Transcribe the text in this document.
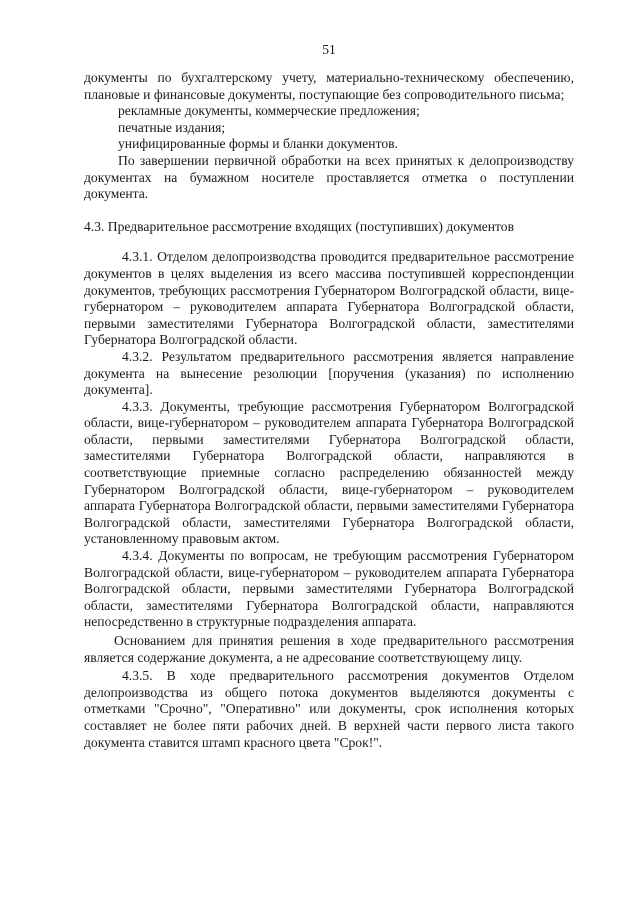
51

документы по бухгалтерскому учету, материально-техническому обеспечению, плановые и финансовые документы, поступающие без сопроводительного письма;

рекламные документы, коммерческие предложения;

печатные издания;

унифицированные формы и бланки документов.

По завершении первичной обработки на всех принятых к делопроизводству документах на бумажном носителе проставляется отметка о поступлении документа.

4.3. Предварительное рассмотрение входящих (поступивших) документов

4.3.1. Отделом делопроизводства проводится предварительное рассмотрение документов в целях выделения из всего массива поступившей корреспонденции документов, требующих рассмотрения Губернатором Волгоградской области, вице-губернатором – руководителем аппарата Губернатора Волгоградской области, первыми заместителями Губернатора Волгоградской области, заместителями Губернатора Волгоградской области.

4.3.2. Результатом предварительного рассмотрения является направление документа на вынесение резолюции [поручения (указания) по исполнению документа].

4.3.3. Документы, требующие рассмотрения Губернатором Волгоградской области, вице-губернатором – руководителем аппарата Губернатора Волгоградской области, первыми заместителями Губернатора Волгоградской области, заместителями Губернатора Волгоградской области, направляются в соответствующие приемные согласно распределению обязанностей между Губернатором Волгоградской области, вице-губернатором – руководителем аппарата Губернатора Волгоградской области, первыми заместителями Губернатора Волгоградской области, заместителями Губернатора Волгоградской области, установленному правовым актом.

4.3.4. Документы по вопросам, не требующим рассмотрения Губернатором Волгоградской области, вице-губернатором – руководителем аппарата Губернатора Волгоградской области, первыми заместителями Губернатора Волгоградской области, заместителями Губернатора Волгоградской области, направляются непосредственно в структурные подразделения аппарата.

Основанием для принятия решения в ходе предварительного рассмотрения является содержание документа, а не адресование соответствующему лицу.

4.3.5. В ходе предварительного рассмотрения документов Отделом делопроизводства из общего потока документов выделяются документы с отметками "Срочно", "Оперативно" или документы, срок исполнения которых составляет не более пяти рабочих дней. В верхней части первого листа такого документа ставится штамп красного цвета "Срок!".
